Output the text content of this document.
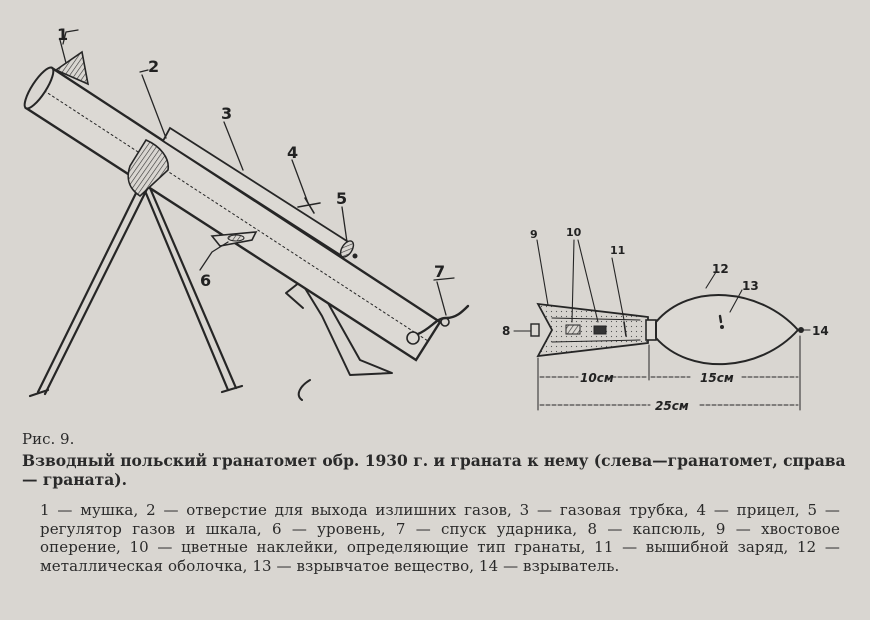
1
2
3
4
5
6	7
10см	15см
25см
9	10
11
12
13
8	14
Рис. 9.
Взводный польский гранатомет обр. 1930 г. и граната к нему (слева—гранатомет, справа — граната).
1 — мушка, 2 — отверстие для выхода излишних газов, 3 — газовая трубка, 4 — прицел, 5 — регулятор газов и шкала, 6 — уровень, 7 — спуск ударника, 8 — капсюль, 9 — хвостовое оперение, 10 — цветные наклейки, определяющие тип гранаты, 11 — вышибной заряд, 12 — металлическая оболочка, 13 — взрывчатое вещество, 14 — взрыватель.
